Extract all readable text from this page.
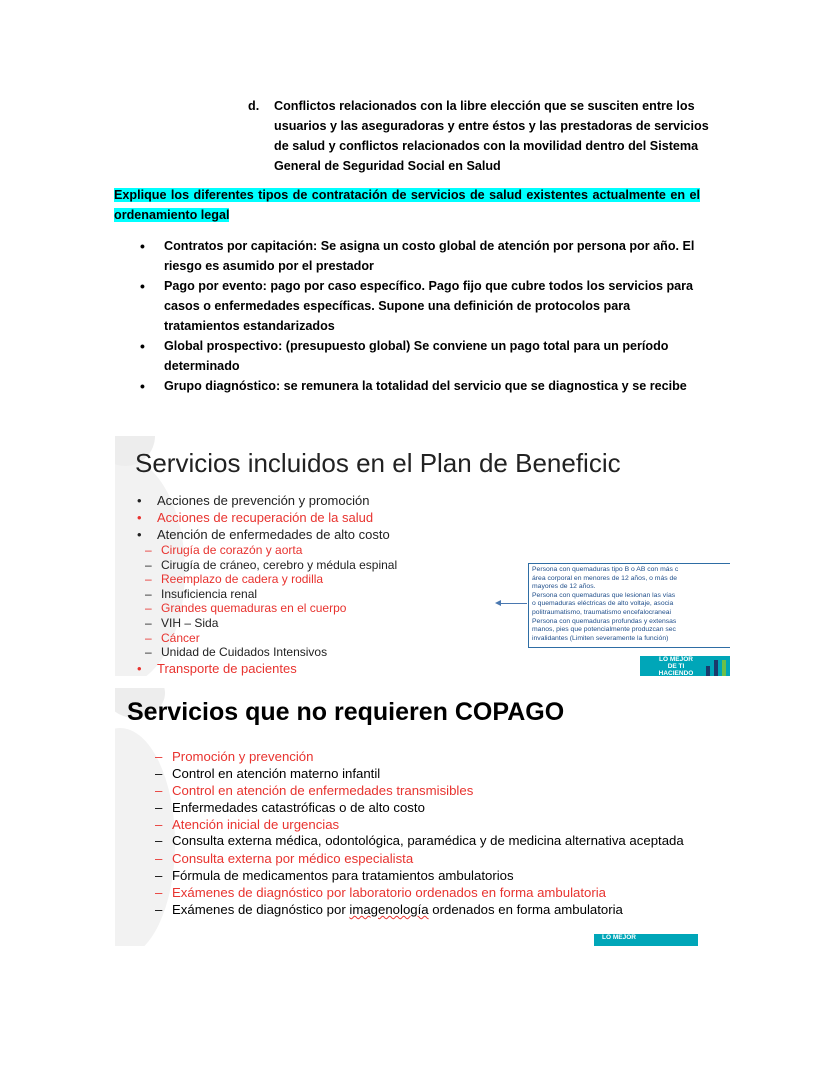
d. Conflictos relacionados con la libre elección que se susciten entre los usuarios y las aseguradoras y entre éstos y las prestadoras de servicios de salud y conflictos relacionados con la movilidad dentro del Sistema General de Seguridad Social en Salud
Explique los diferentes tipos de contratación de servicios de salud existentes actualmente en el ordenamiento legal
• Contratos por capitación: Se asigna un costo global de atención por persona por año. El riesgo es asumido por el prestador
• Pago por evento: pago por caso específico. Pago fijo que cubre todos los servicios para casos o enfermedades específicas. Supone una definición de protocolos para tratamientos estandarizados
• Global prospectivo: (presupuesto global) Se conviene un pago total para un período determinado
• Grupo diagnóstico: se remunera la totalidad del servicio que se diagnostica y se recibe
Servicios incluidos en el Plan de Beneficic
• Acciones de prevención y promoción
• Acciones de recuperación de la salud
• Atención de enfermedades de alto costo
– Cirugía de corazón y aorta
– Cirugía de cráneo, cerebro y médula espinal
– Reemplazo de cadera y rodilla
– Insuficiencia renal
– Grandes quemaduras en el cuerpo
– VIH – Sida
– Cáncer
– Unidad de Cuidados Intensivos
• Transporte de pacientes
Persona con quemaduras tipo B o AB con más c
área corporal en menores de 12 años, o más de
mayores de 12 años.
Persona con quemaduras que lesionan las vías
o quemaduras eléctricas de alto voltaje, asocia
politraumatismo, traumatismo encefalocraneai
Persona con quemaduras profundas y extensas
manos, pies que potencialmente produzcan sec
invalidantes (Limiten severamente la función)
LO MEJOR DE TI HACIENDO
Servicios que no requieren COPAGO
– Promoción y prevención
– Control en atención materno infantil
– Control en atención de enfermedades transmisibles
– Enfermedades catastróficas o de alto costo
– Atención inicial de urgencias
– Consulta externa médica, odontológica, paramédica y de medicina alternativa aceptada
– Consulta externa por médico especialista
– Fórmula de medicamentos para tratamientos ambulatorios
– Exámenes de diagnóstico por laboratorio ordenados en forma ambulatoria
– Exámenes de diagnóstico por imagenología ordenados en forma ambulatoria
LO MEJOR
